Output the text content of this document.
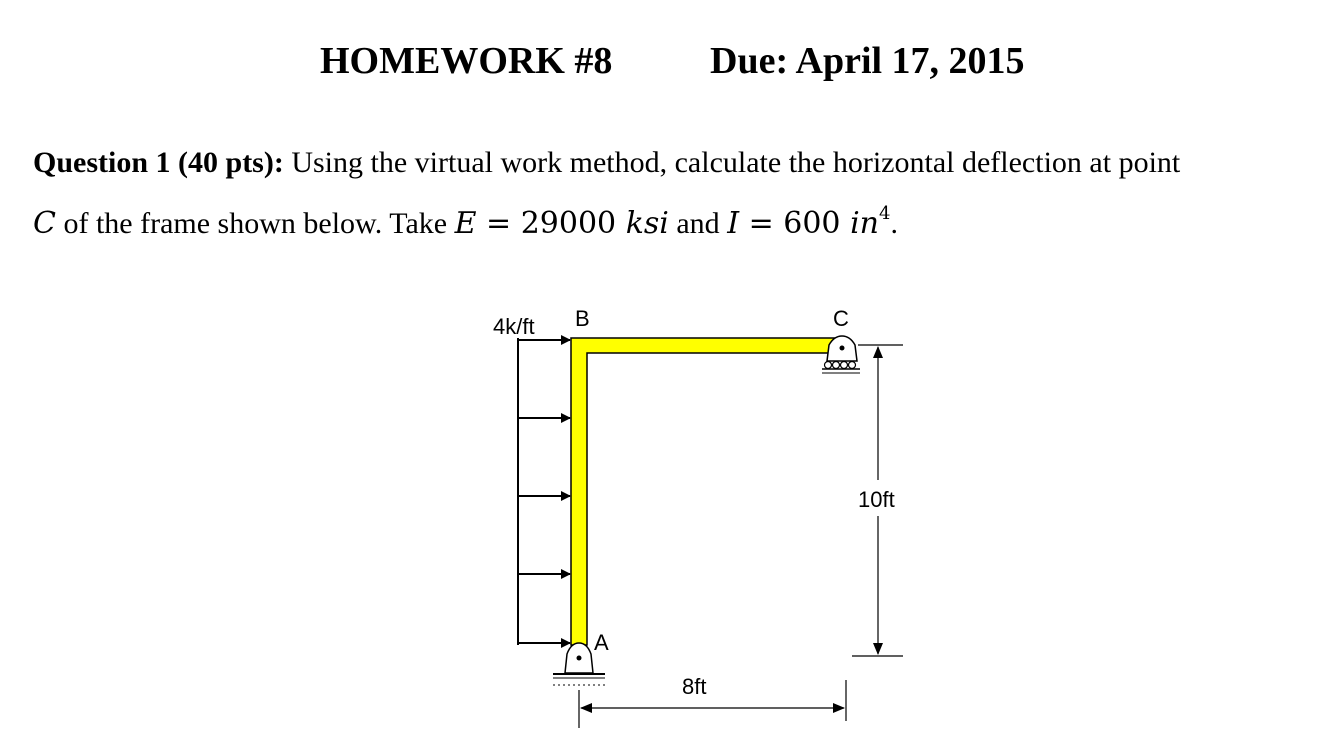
HOMEWORK #8	Due: April 17, 2015
Question 1 (40 pts): Using the virtual work method, calculate the horizontal deflection at point
C of the frame shown below. Take E = 29000 ksi and I = 600 $in^4$.
4k/ft B	C
A
10ft
8ft
